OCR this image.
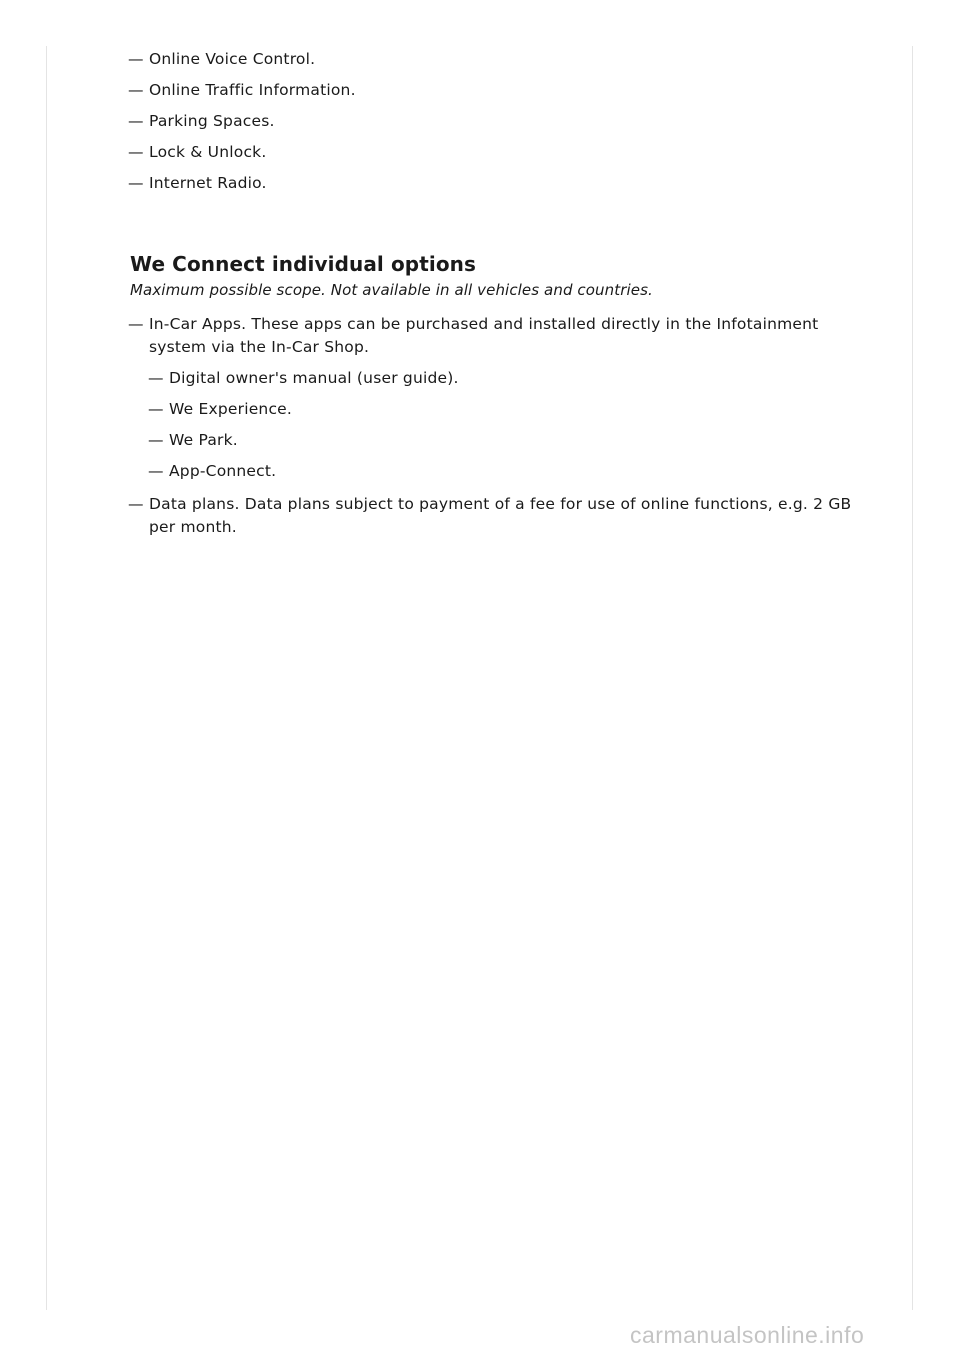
— Online Voice Control.
— Online Traffic Information.
— Parking Spaces.
— Lock & Unlock.
— Internet Radio.
We Connect individual options
Maximum possible scope. Not available in all vehicles and countries.
— In-Car Apps. These apps can be purchased and installed directly in the Infotainment system via the In-Car Shop.
— Digital owner's manual (user guide).
— We Experience.
— We Park.
— App-Connect.
— Data plans. Data plans subject to payment of a fee for use of online functions, e.g. 2 GB per month.
carmanualsonline.info
